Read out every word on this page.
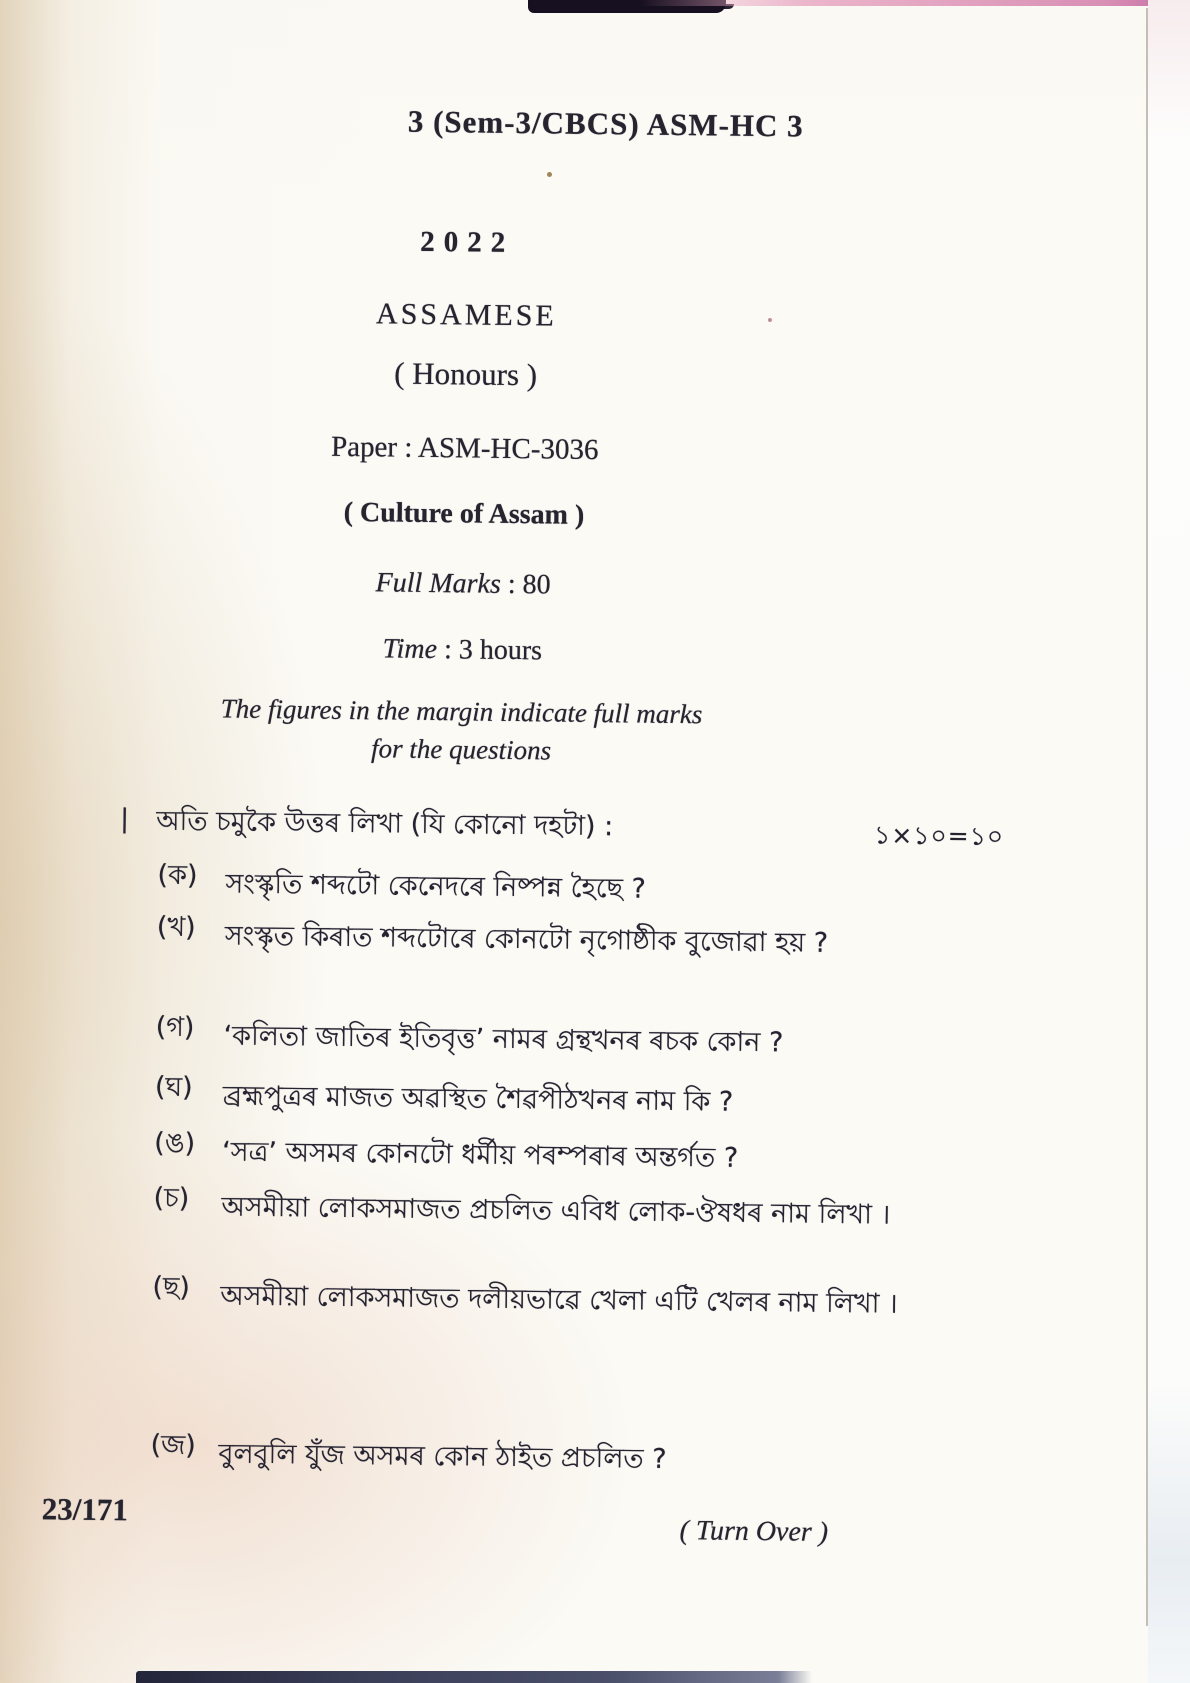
3 (Sem-3/CBCS) ASM-HC 3
2022
ASSAMESE
( Honours )
Paper : ASM-HC-3036
( Culture of Assam )
Full Marks : 80
Time : 3 hours
The figures in the margin indicate full marks
for the questions
| অতি চমুকৈ উত্তৰ লিখা (যি কোনো দহটা) :	১×১০=১০
(ক)	সংস্কৃতি শব্দটো কেনেদৰে নিষ্পন্ন হৈছে ?
(খ)	সংস্কৃত কিৰাত শব্দটোৰে কোনটো নৃগোষ্ঠীক বুজোৱা হয় ?
(গ)	‘কলিতা জাতিৰ ইতিবৃত্ত’ নামৰ গ্ৰন্থখনৰ ৰচক কোন ?
(ঘ)	ব্ৰহ্মপুত্ৰৰ মাজত অৱস্থিত শৈৱপীঠখনৰ নাম কি ?
(ঙ) ‘সত্ৰ’ অসমৰ কোনটো ধৰ্মীয় পৰম্পৰাৰ অন্তৰ্গত ?
(চ)	অসমীয়া লোকসমাজত প্ৰচলিত এবিধ লোক-ঔষধৰ নাম লিখা ।
(ছ)	অসমীয়া লোকসমাজত দলীয়ভাৱে খেলা এটি খেলৰ নাম লিখা ।
(জ) বুলবুলি যুঁজ অসমৰ কোন ঠাইত প্ৰচলিত ?
23/171
( Turn Over )
